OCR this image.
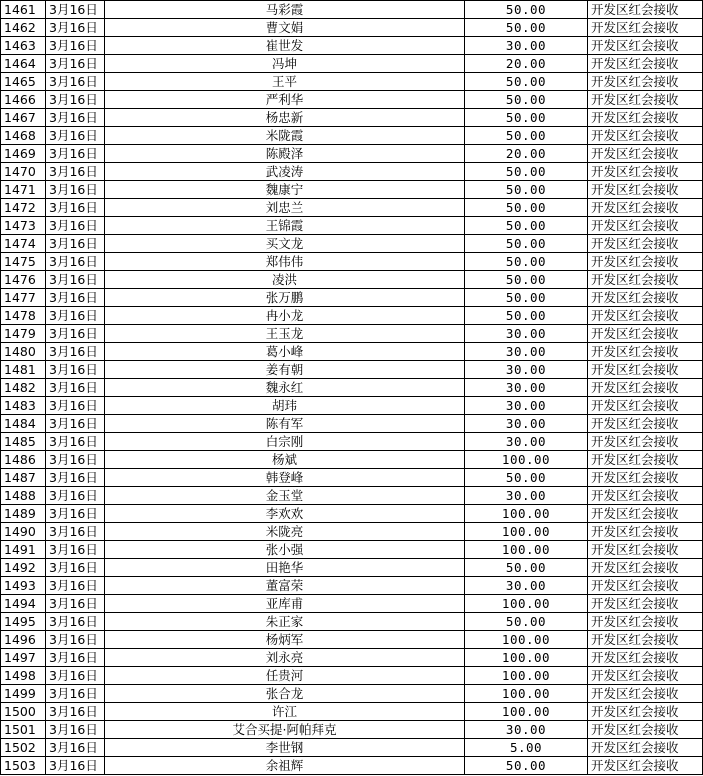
1461	3月16日	马彩霞	50.00	开发区红会接收
1462	3月16日	曹文娟	50.00	开发区红会接收
1463	3月16日	崔世发	30.00	开发区红会接收
1464	3月16日	冯坤	20.00	开发区红会接收
1465	3月16日	王平	50.00	开发区红会接收
1466	3月16日	严利华	50.00	开发区红会接收
1467	3月16日	杨忠新	50.00	开发区红会接收
1468	3月16日	米陇霞	50.00	开发区红会接收
1469	3月16日	陈殿泽	20.00	开发区红会接收
1470	3月16日	武凌涛	50.00	开发区红会接收
1471	3月16日	魏康宁	50.00	开发区红会接收
1472	3月16日	刘忠兰	50.00	开发区红会接收
1473	3月16日	王锦霞	50.00	开发区红会接收
1474	3月16日	买文龙	50.00	开发区红会接收
1475	3月16日	郑伟伟	50.00	开发区红会接收
1476	3月16日	凌洪	50.00	开发区红会接收
1477	3月16日	张万鹏	50.00	开发区红会接收
1478	3月16日	冉小龙	50.00	开发区红会接收
1479	3月16日	王玉龙	30.00	开发区红会接收
1480	3月16日	葛小峰	30.00	开发区红会接收
1481	3月16日	姜有朝	30.00	开发区红会接收
1482	3月16日	魏永红	30.00	开发区红会接收
1483	3月16日	胡玮	30.00	开发区红会接收
1484	3月16日	陈有军	30.00	开发区红会接收
1485	3月16日	白宗刚	30.00	开发区红会接收
1486	3月16日	杨斌	100.00	开发区红会接收
1487	3月16日	韩登峰	50.00	开发区红会接收
1488	3月16日	金玉堂	30.00	开发区红会接收
1489	3月16日	李欢欢	100.00	开发区红会接收
1490	3月16日	米陇亮	100.00	开发区红会接收
1491	3月16日	张小强	100.00	开发区红会接收
1492	3月16日	田艳华	50.00	开发区红会接收
1493	3月16日	董富荣	30.00	开发区红会接收
1494	3月16日	亚库甫	100.00	开发区红会接收
1495	3月16日	朱正家	50.00	开发区红会接收
1496	3月16日	杨炳军	100.00	开发区红会接收
1497	3月16日	刘永亮	100.00	开发区红会接收
1498	3月16日	任贵河	100.00	开发区红会接收
1499	3月16日	张合龙	100.00	开发区红会接收
1500	3月16日	许江	100.00	开发区红会接收
1501	3月16日	艾合买提·阿帕拜克	30.00	开发区红会接收
1502	3月16日	李世钢	5.00	开发区红会接收
1503	3月16日	余祖辉	50.00	开发区红会接收
